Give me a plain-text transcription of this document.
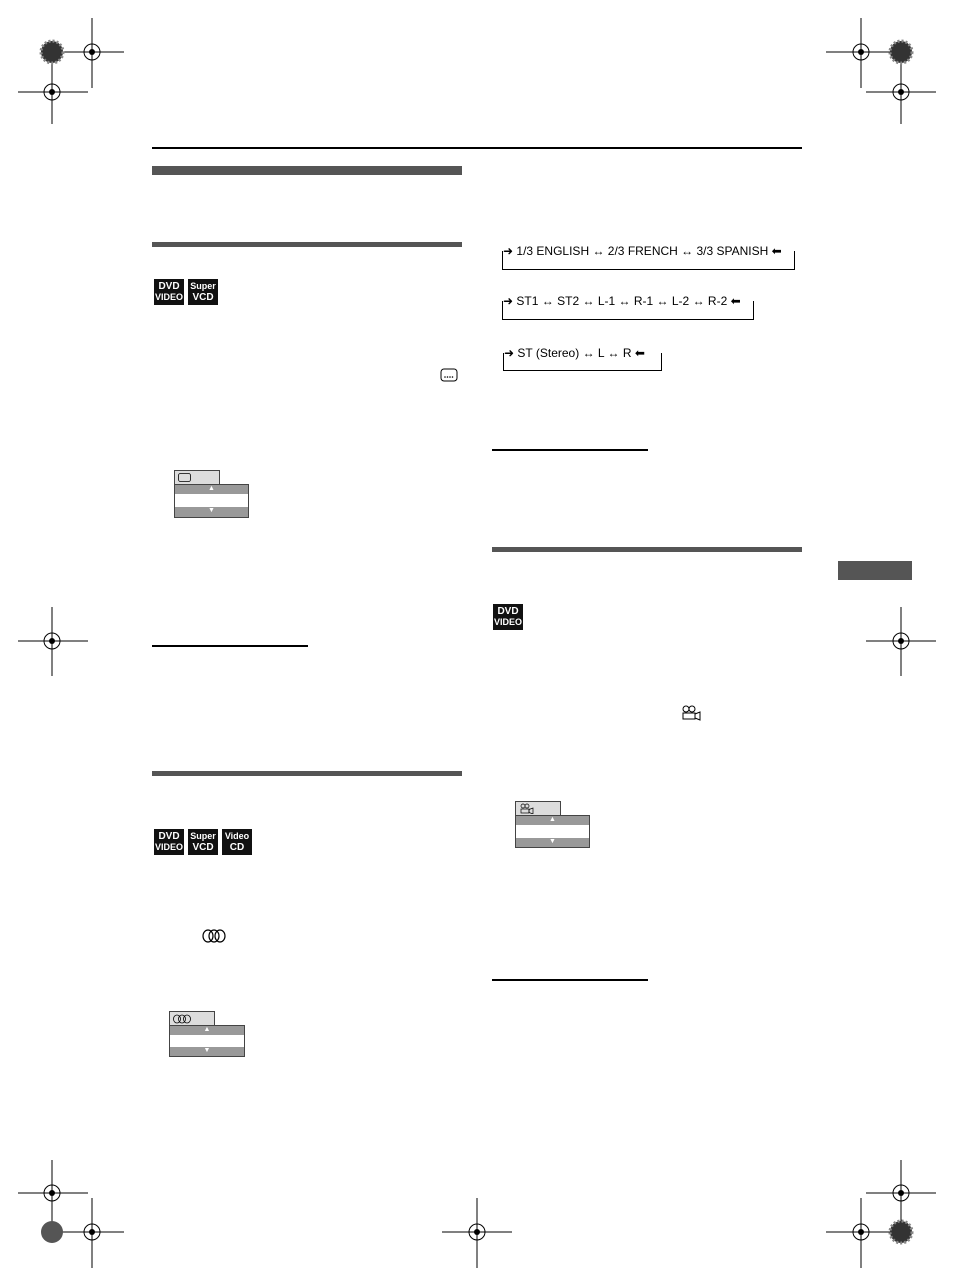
DVD
VIDEO
Super
VCD
▲
▼
DVD
VIDEO
Super
VCD
Video
CD
▲
▼
➜ 1/3 ENGLISH ↔ 2/3 FRENCH ↔ 3/3 SPANISH ⬅
➜ ST1 ↔ ST2 ↔ L-1 ↔ R-1 ↔ L-2 ↔ R-2 ⬅
➜ ST (Stereo) ↔ L ↔ R ⬅
DVD
VIDEO
▲
▼
